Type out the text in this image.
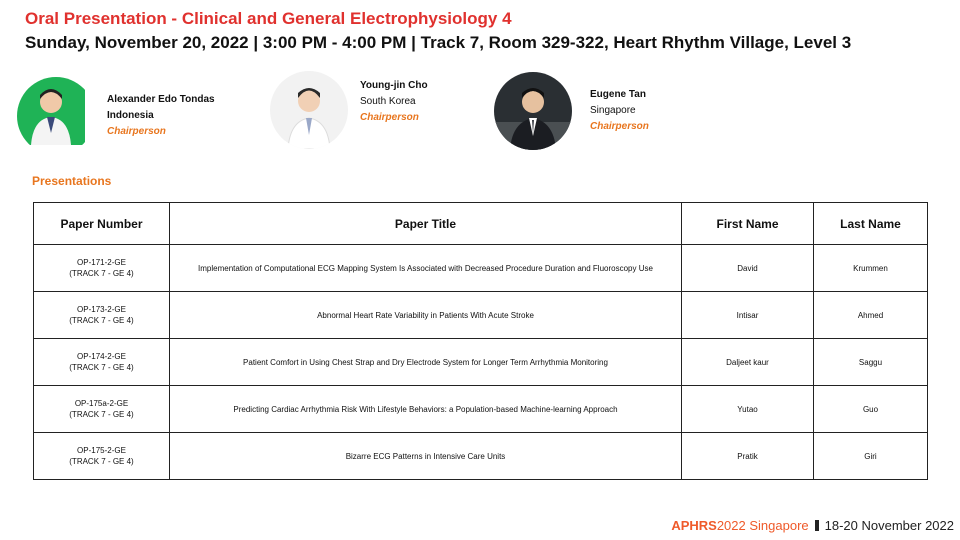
Oral Presentation - Clinical and General Electrophysiology 4
Sunday, November 20, 2022 | 3:00 PM - 4:00 PM | Track 7, Room 329-322, Heart Rhythm Village, Level 3
Alexander Edo Tondas
Indonesia
Chairperson
Young-jin Cho
South Korea
Chairperson
Eugene Tan
Singapore
Chairperson
Presentations
Paper Number	Paper Title	First Name	Last Name

OP-171-2-GE
(TRACK 7 - GE 4)	Implementation of Computational ECG Mapping System Is Associated with Decreased Procedure Duration and Fluoroscopy Use	David	Krummen

OP-173-2-GE
(TRACK 7 - GE 4)	Abnormal Heart Rate Variability in Patients With Acute Stroke	Intisar	Ahmed

OP-174-2-GE
(TRACK 7 - GE 4)	Patient Comfort in Using Chest Strap and Dry Electrode System for Longer Term Arrhythmia Monitoring	Daljeet kaur	Saggu

OP-175a-2-GE
(TRACK 7 - GE 4)	Predicting Cardiac Arrhythmia Risk With Lifestyle Behaviors: a Population-based Machine-learning Approach	Yutao	Guo

OP-175-2-GE
(TRACK 7 - GE 4)	Bizarre ECG Patterns in Intensive Care Units	Pratik	Giri
APHRS 2022 Singapore 18-20 November 2022
